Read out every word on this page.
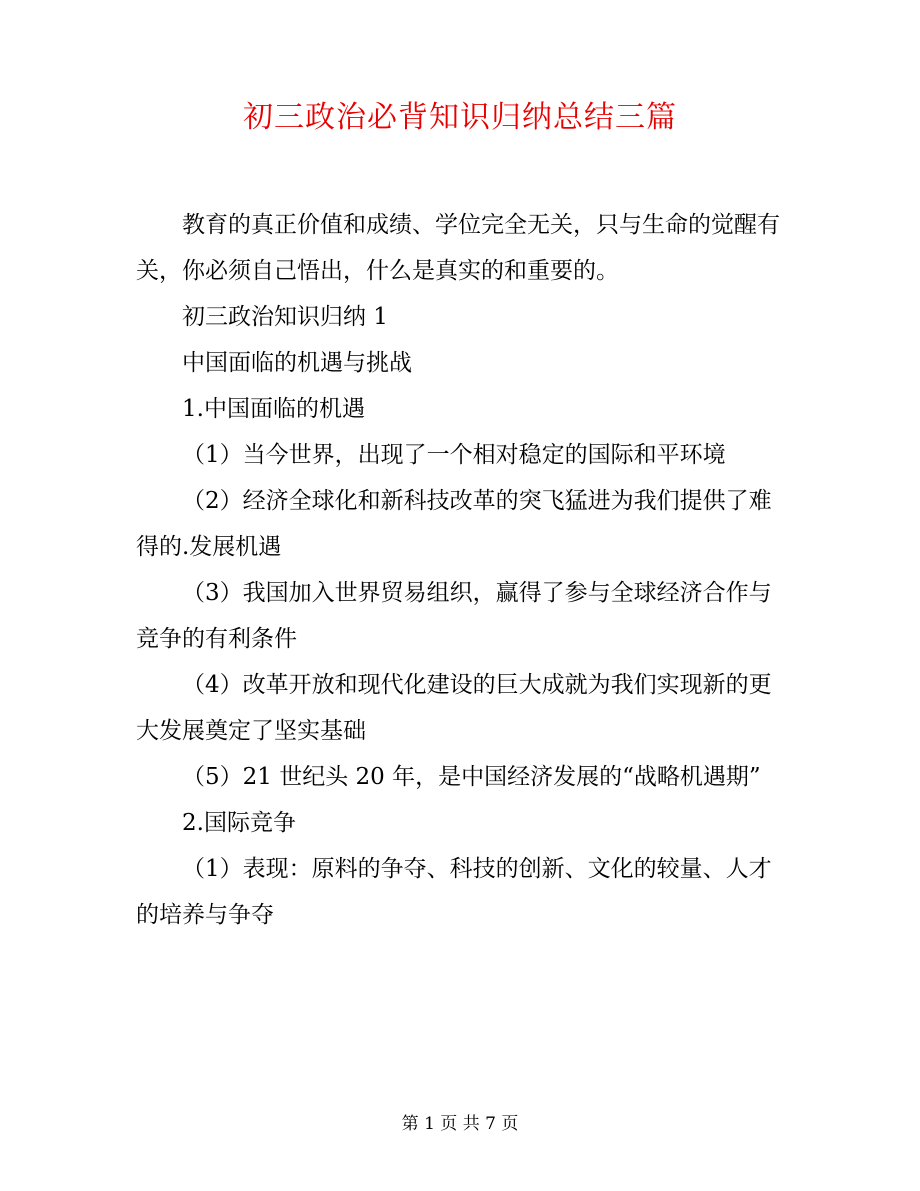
初三政治必背知识归纳总结三篇

教育的真正价值和成绩、学位完全无关，只与生命的觉醒有关，你必须自己悟出，什么是真实的和重要的。

初三政治知识归纳 1

中国面临的机遇与挑战

1.中国面临的机遇

（1）当今世界，出现了一个相对稳定的国际和平环境

（2）经济全球化和新科技改革的突飞猛进为我们提供了难得的.发展机遇

（3）我国加入世界贸易组织，赢得了参与全球经济合作与竞争的有利条件

（4）改革开放和现代化建设的巨大成就为我们实现新的更大发展奠定了坚实基础

（5）21 世纪头 20 年，是中国经济发展的“战略机遇期”

2.国际竞争

（1）表现：原料的争夺、科技的创新、文化的较量、人才的培养与争夺

第 1 页 共 7 页
